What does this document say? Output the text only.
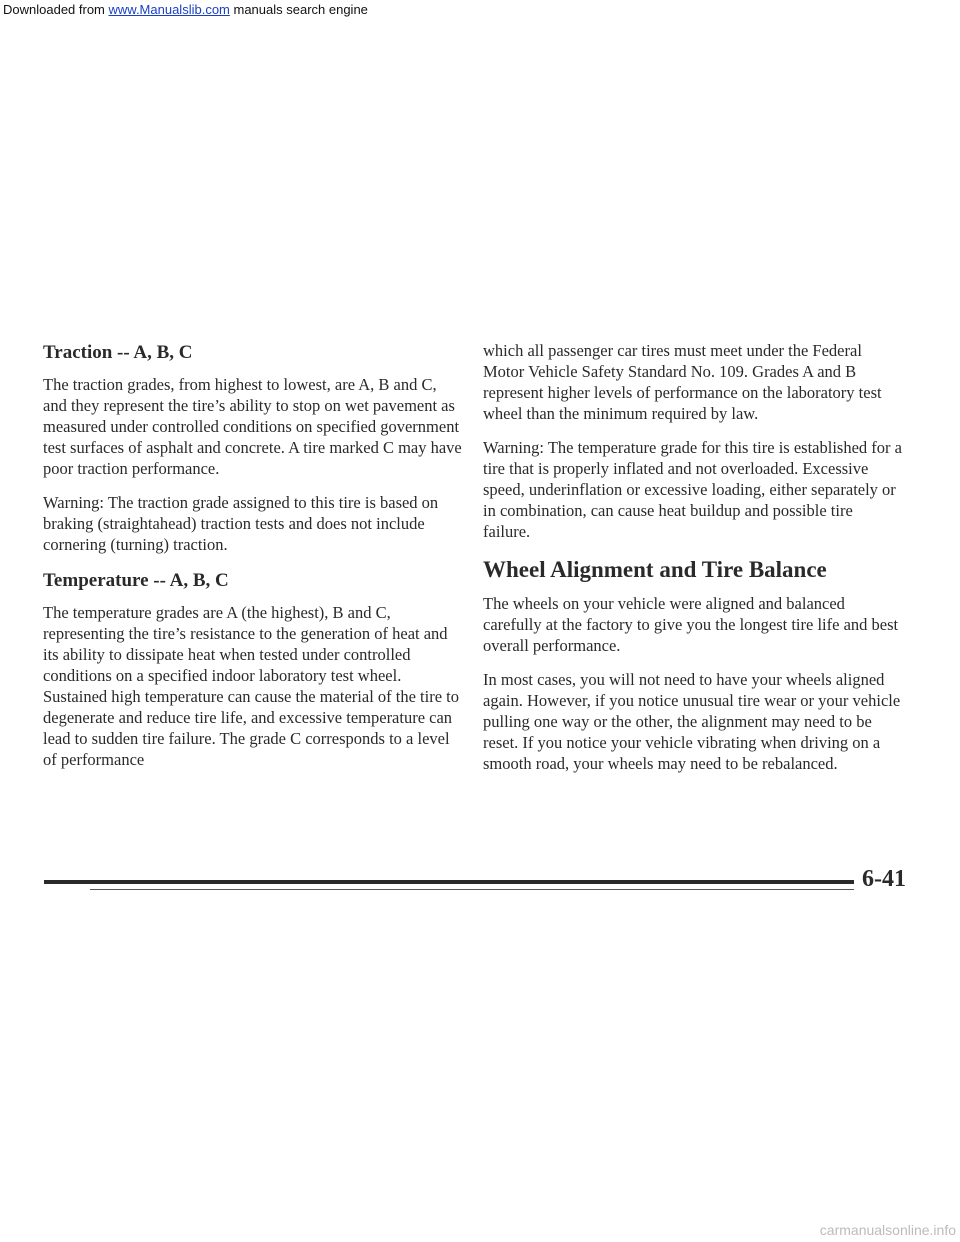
Downloaded from www.Manualslib.com manuals search engine
Traction -- A, B, C

The traction grades, from highest to lowest, are A, B and C, and they represent the tire’s ability to stop on wet pavement as measured under controlled conditions on specified government test surfaces of asphalt and concrete. A tire marked C may have poor traction performance.

Warning: The traction grade assigned to this tire is based on braking (straightahead) traction tests and does not include cornering (turning) traction.

Temperature -- A, B, C

The temperature grades are A (the highest), B and C, representing the tire’s resistance to the generation of heat and its ability to dissipate heat when tested under controlled conditions on a specified indoor laboratory test wheel. Sustained high temperature can cause the material of the tire to degenerate and reduce tire life, and excessive temperature can lead to sudden tire failure. The grade C corresponds to a level of performance

which all passenger car tires must meet under the Federal Motor Vehicle Safety Standard No. 109. Grades A and B represent higher levels of performance on the laboratory test wheel than the minimum required by law.

Warning: The temperature grade for this tire is established for a tire that is properly inflated and not overloaded. Excessive speed, underinflation or excessive loading, either separately or in combination, can cause heat buildup and possible tire failure.

Wheel Alignment and Tire Balance

The wheels on your vehicle were aligned and balanced carefully at the factory to give you the longest tire life and best overall performance.

In most cases, you will not need to have your wheels aligned again. However, if you notice unusual tire wear or your vehicle pulling one way or the other, the alignment may need to be reset. If you notice your vehicle vibrating when driving on a smooth road, your wheels may need to be rebalanced.

6-41
carmanualsonline.info
